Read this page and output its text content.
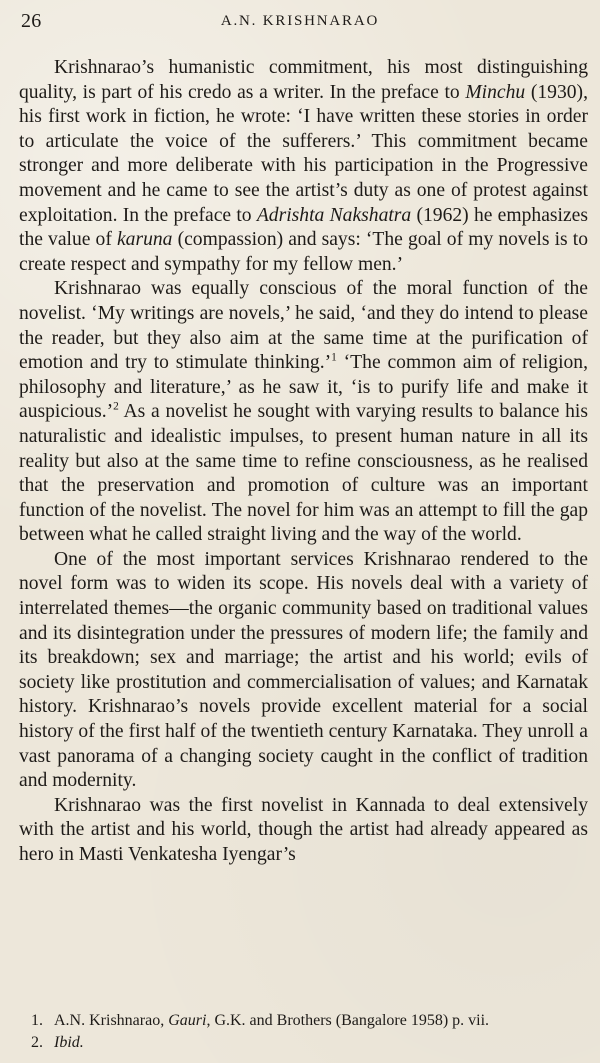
26	A.N. KRISHNARAO

Krishnarao’s humanistic commitment, his most distinguishing quality, is part of his credo as a writer. In the preface to Minchu (1930), his first work in fiction, he wrote: ‘I have written these stories in order to articulate the voice of the sufferers.’ This commitment became stronger and more deliberate with his participation in the Progressive movement and he came to see the artist’s duty as one of protest against exploitation. In the preface to Adrishta Nakshatra (1962) he emphasizes the value of karuna (compassion) and says: ‘The goal of my novels is to create respect and sympathy for my fellow men.’

Krishnarao was equally conscious of the moral function of the novelist. ‘My writings are novels,’ he said, ‘and they do intend to please the reader, but they also aim at the same time at the purification of emotion and try to stimulate thinking.’$^1$ ‘The common aim of religion, philosophy and literature,’ as he saw it, ‘is to purify life and make it auspicious.’$^2$ As a novelist he sought with varying results to balance his naturalistic and idealistic impulses, to present human nature in all its reality but also at the same time to refine consciousness, as he realised that the preservation and promotion of culture was an important function of the novelist. The novel for him was an attempt to fill the gap between what he called straight living and the way of the world.

One of the most important services Krishnarao rendered to the novel form was to widen its scope. His novels deal with a variety of interrelated themes—the organic community based on traditional values and its disintegration under the pressures of modern life; the family and its breakdown; sex and marriage; the artist and his world; evils of society like prostitution and commercialisation of values; and Karnatak history. Krishnarao’s novels provide excellent material for a social history of the first half of the twentieth century Karnataka. They unroll a vast panorama of a changing society caught in the conflict of tradition and modernity.

Krishnarao was the first novelist in Kannada to deal extensively with the artist and his world, though the artist had already appeared as hero in Masti Venkatesha Iyengar’s

1. A.N. Krishnarao, Gauri, G.K. and Brothers (Bangalore 1958) p. vii.
2. Ibid.
